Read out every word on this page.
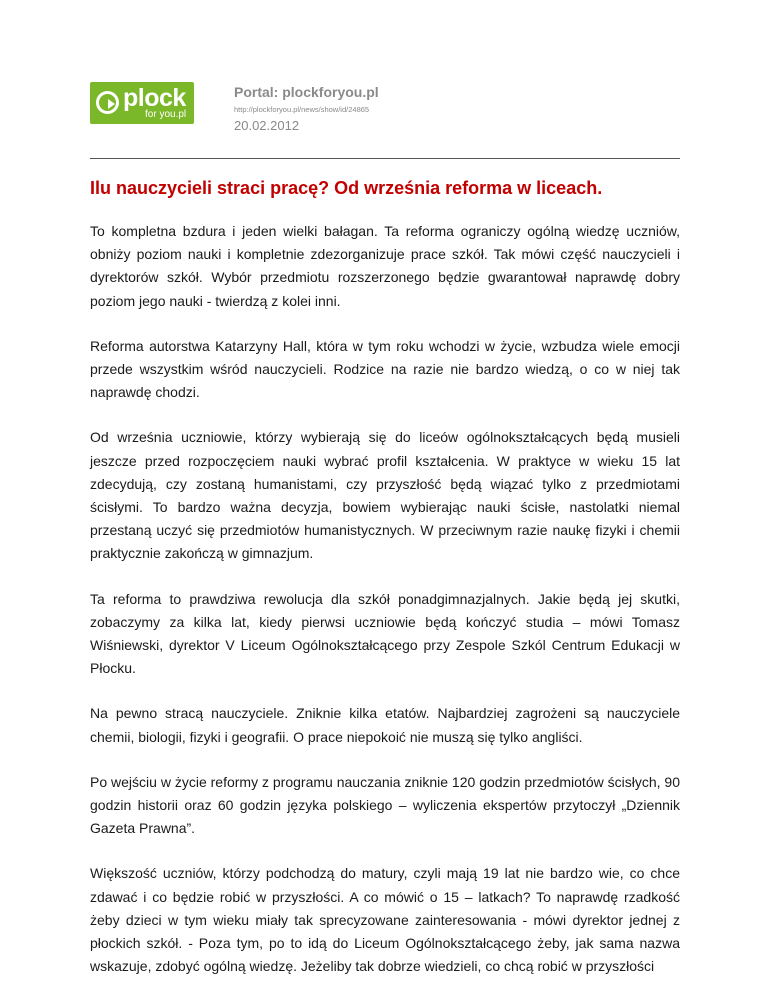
plock
for you.pl
Portal: plockforyou.pl
http://plockforyou.pl/news/show/id/24865
20.02.2012
Ilu nauczycieli straci pracę? Od września reforma w liceach.

To kompletna bzdura i jeden wielki bałagan. Ta reforma ograniczy ogólną wiedzę uczniów, obniży poziom nauki i kompletnie zdezorganizuje prace szkół. Tak mówi część nauczycieli i dyrektorów szkół. Wybór przedmiotu rozszerzonego będzie gwarantował naprawdę dobry poziom jego nauki - twierdzą z kolei inni.

Reforma autorstwa Katarzyny Hall, która w tym roku wchodzi w życie, wzbudza wiele emocji przede wszystkim wśród nauczycieli. Rodzice na razie nie bardzo wiedzą, o co w niej tak naprawdę chodzi.

Od września uczniowie, którzy wybierają się do liceów ogólnokształcących będą musieli jeszcze przed rozpoczęciem nauki wybrać profil kształcenia. W praktyce w wieku 15 lat zdecydują, czy zostaną humanistami, czy przyszłość będą wiązać tylko z przedmiotami ścisłymi. To bardzo ważna decyzja, bowiem wybierając nauki ścisłe, nastolatki niemal przestaną uczyć się przedmiotów humanistycznych. W przeciwnym razie naukę fizyki i chemii praktycznie zakończą w gimnazjum.

Ta reforma to prawdziwa rewolucja dla szkół ponadgimnazjalnych. Jakie będą jej skutki, zobaczymy za kilka lat, kiedy pierwsi uczniowie będą kończyć studia – mówi Tomasz Wiśniewski, dyrektor V Liceum Ogólnokształcącego przy Zespole Szkól Centrum Edukacji w Płocku.

Na pewno stracą nauczyciele. Zniknie kilka etatów. Najbardziej zagrożeni są nauczyciele chemii, biologii, fizyki i geografii. O prace niepokoić nie muszą się tylko angliści.

Po wejściu w życie reformy z programu nauczania zniknie 120 godzin przedmiotów ścisłych, 90 godzin historii oraz 60 godzin języka polskiego – wyliczenia ekspertów przytoczył „Dziennik Gazeta Prawna”.

Większość uczniów, którzy podchodzą do matury, czyli mają 19 lat nie bardzo wie, co chce zdawać i co będzie robić w przyszłości. A co mówić o 15 – latkach? To naprawdę rzadkość żeby dzieci w tym wieku miały tak sprecyzowane zainteresowania - mówi dyrektor jednej z płockich szkół. - Poza tym, po to idą do Liceum Ogólnokształcącego żeby, jak sama nazwa wskazuje, zdobyć ogólną wiedzę. Jeżeliby tak dobrze wiedzieli, co chcą robić w przyszłości
